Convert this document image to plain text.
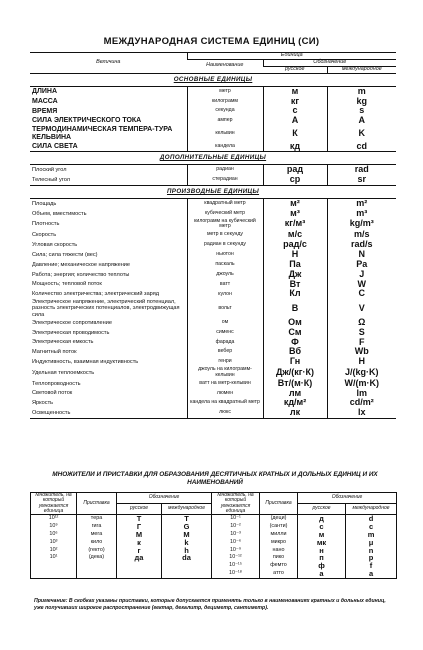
МЕЖДУНАРОДНАЯ СИСТЕМА ЕДИНИЦ (СИ)
Величина	Единица		
	Наименование	Обозначение	
		русское	международное
ОСНОВНЫЕ ЕДИНИЦЫ			
ДЛИНА	метр	м	m
МАССА	килограмм	кг	kg
ВРЕМЯ	секунда	с	s
СИЛА ЭЛЕКТРИЧЕСКОГО ТОКА	ампер	А	A
ТЕРМОДИНАМИЧЕСКАЯ ТЕМПЕРА-ТУРА КЕЛЬВИНА	кельвин	К	K
СИЛА СВЕТА	кандела	кд	cd
ДОПОЛНИТЕЛЬНЫЕ ЕДИНИЦЫ			
Плоский угол	радиан	рад	rad
Телесный угол	стерадиан	ср	sr
ПРОИЗВОДНЫЕ ЕДИНИЦЫ			
Площадь	квадратный метр	м²	m²
Объем, вместимость	кубический метр	м³	m³
Плотность	килограмм на кубический метр	кг/м³	kg/m³
Скорость	метр в секунду	м/с	m/s
Угловая скорость	радиан в секунду	рад/с	rad/s
Сила; сила тяжести (вес)	ньютон	Н	N
Давление; механическое напряжение	паскаль	Па	Pa
Работа; энергия; количество теплоты	джоуль	Дж	J
Мощность; тепловой поток	ватт	Вт	W
Количество электричества; электрический заряд	кулон	Кл	C
Электрическое напряжение, электрический потенциал, разность электрических потенциалов, электродвижущая сила	вольт	В	V
Электрическое сопротивление	ом	Ом	Ω
Электрическая проводимость	сименс	См	S
Электрическая емкость	фарада	Ф	F
Магнитный поток	вебер	Вб	Wb
Индуктивность, взаимная индуктивность	генри	Гн	H
Удельная теплоемкость	джоуль на килограмм-кельвин	Дж/(кг·К)	J/(kg·K)
Теплопроводность	ватт на метр-кельвин	Вт/(м·К)	W/(m·K)
Световой поток	люмен	лм	lm
Яркость	кандела на квадратный метр	кд/м²	cd/m²
Освещенность	люкс	лк	lx
МНОЖИТЕЛИ И ПРИСТАВКИ ДЛЯ ОБРАЗОВАНИЯ ДЕСЯТИЧНЫХ КРАТНЫХ И ДОЛЬНЫХ ЕДИНИЦ И ИХ НАИМЕНОВАНИЙ
Множитель, на который умножается единица	Приставка	Обозначение		Множитель, на который умножается единица	Приставка	Обозначение	
		русское	международное			русское	международное
10¹²	тера	Т	T	10⁻¹	(деци)	д	d
10⁹	гига	Г	G	10⁻²	(санти)	с	c
10⁶	мега	М	M	10⁻³	милли	м	m
10³	кило	к	k	10⁻⁶	микро	мк	μ
10²	(гекто)	г	h	10⁻⁹	нано	н	n
10¹	(дека)	да	da	10⁻¹²	пико	п	p
				10⁻¹⁵	фемто	ф	f
				10⁻¹⁸	атто	а	a
Примечание: В скобках указаны приставки, которые допускается применять только в наименованиях кратных и дольных единиц, уже получивших широкое распространение (гектар, декалитр, дециметр, сантиметр).
